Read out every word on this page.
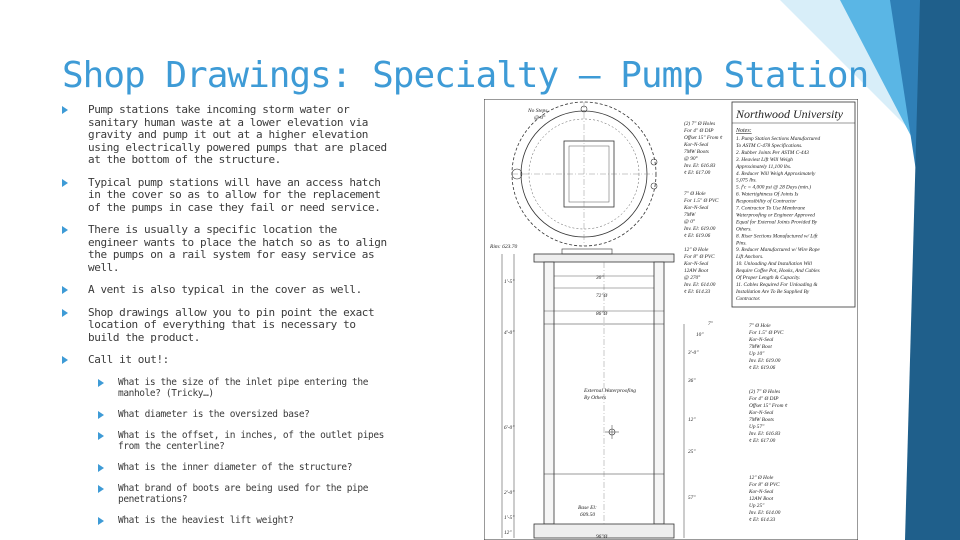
Shop Drawings: Specialty – Pump Station
Pump stations take incoming storm water or sanitary human waste at a lower elevation via gravity and pump it out at a higher elevation using electrically powered pumps that are placed at the bottom of the structure.
Typical pump stations will have an access hatch in the cover so as to allow for the replacement of the pumps in case they fail or need service.
There is usually a specific location the engineer wants to place the hatch so as to align the pumps on a rail system for easy service as well.
A vent is also typical in the cover as well.
Shop drawings allow you to pin point the exact location of everything that is necessary to build the product.
Call it out!:
What is the size of the inlet pipe entering the manhole? (Tricky…)
What diameter is the oversized base?
What is the offset, in inches, of the outlet pipes from the centerline?
What is the inner diameter of the structure?
What brand of boots are being used for the pipe penetrations?
What is the heaviest lift weight?
Northwood University
Notes:
1. Pump Station Sections Manufactured
To ASTM C-478 Specifications.
2. Rubber Joints Per ASTM C-443
3. Heaviest Lift Will Weigh
Approximately 11,100 lbs.
4. Reducer Will Weigh Approximately
5,075 lbs.
5. f'c = 4,000 psi @ 28 Days (min.)
6. Watertightness Of Joints Is
Responsibility of Contractor
7. Contractor To Use Membrane
Waterproofing or Engineer Approved
Equal for External Joints Provided By
Others.
8. Riser Sections Manufactured w/ Lift
Pins.
9. Reducer Manufactured w/ Wire Rope
Lift Anchors.
10. Unloading And Installation Will
Require Coffee Pot, Hooks, And Cables
Of Proper Length & Capacity.
11. Cables Required For Unloading &
Installation Are To Be Supplied By
Contractor.
No Steps
@ 0°
(2) 7" Ø Holes
For 4" Ø DIP
Offset 15" From ¢
Kor-N-Seal
7MW Boots
@ 90°
Inv. El: 616.83
¢ El: 617.00
7" Ø Hole
For 1.5" Ø PVC
Kor-N-Seal
7MW
@ 0°
Inv. El: 619.00
¢ El: 619.06
12" Ø Hole
For 8" Ø PVC
Kor-N-Seal
12AW Boot
@ 270°
Inv. El: 614.00
¢ El: 614.33
Rim: 623.70
External Waterproofing
By Others
Base El:
609.50
30"
72"Ø
86"Ø
7"
1'-5"
4'-0"
6'-0"
2'-0"
1'-5"
12"
3'-0"
36"
12"
25"
57"
10"
96"Ø
7" Ø Hole
For 1.5" Ø PVC
Kor-N-Seal
7MW Boot
Up 10"
Inv. El: 619.00
¢ El: 619.06
(2) 7" Ø Holes
For 4" Ø DIP
Offset 15" From ¢
Kor-N-Seal
7MW Boots
Up 57"
Inv. El: 616.83
¢ El: 617.00
12" Ø Hole
For 8" Ø PVC
Kor-N-Seal
12AW Boot
Up 25"
Inv. El: 614.00
¢ El: 614.33
